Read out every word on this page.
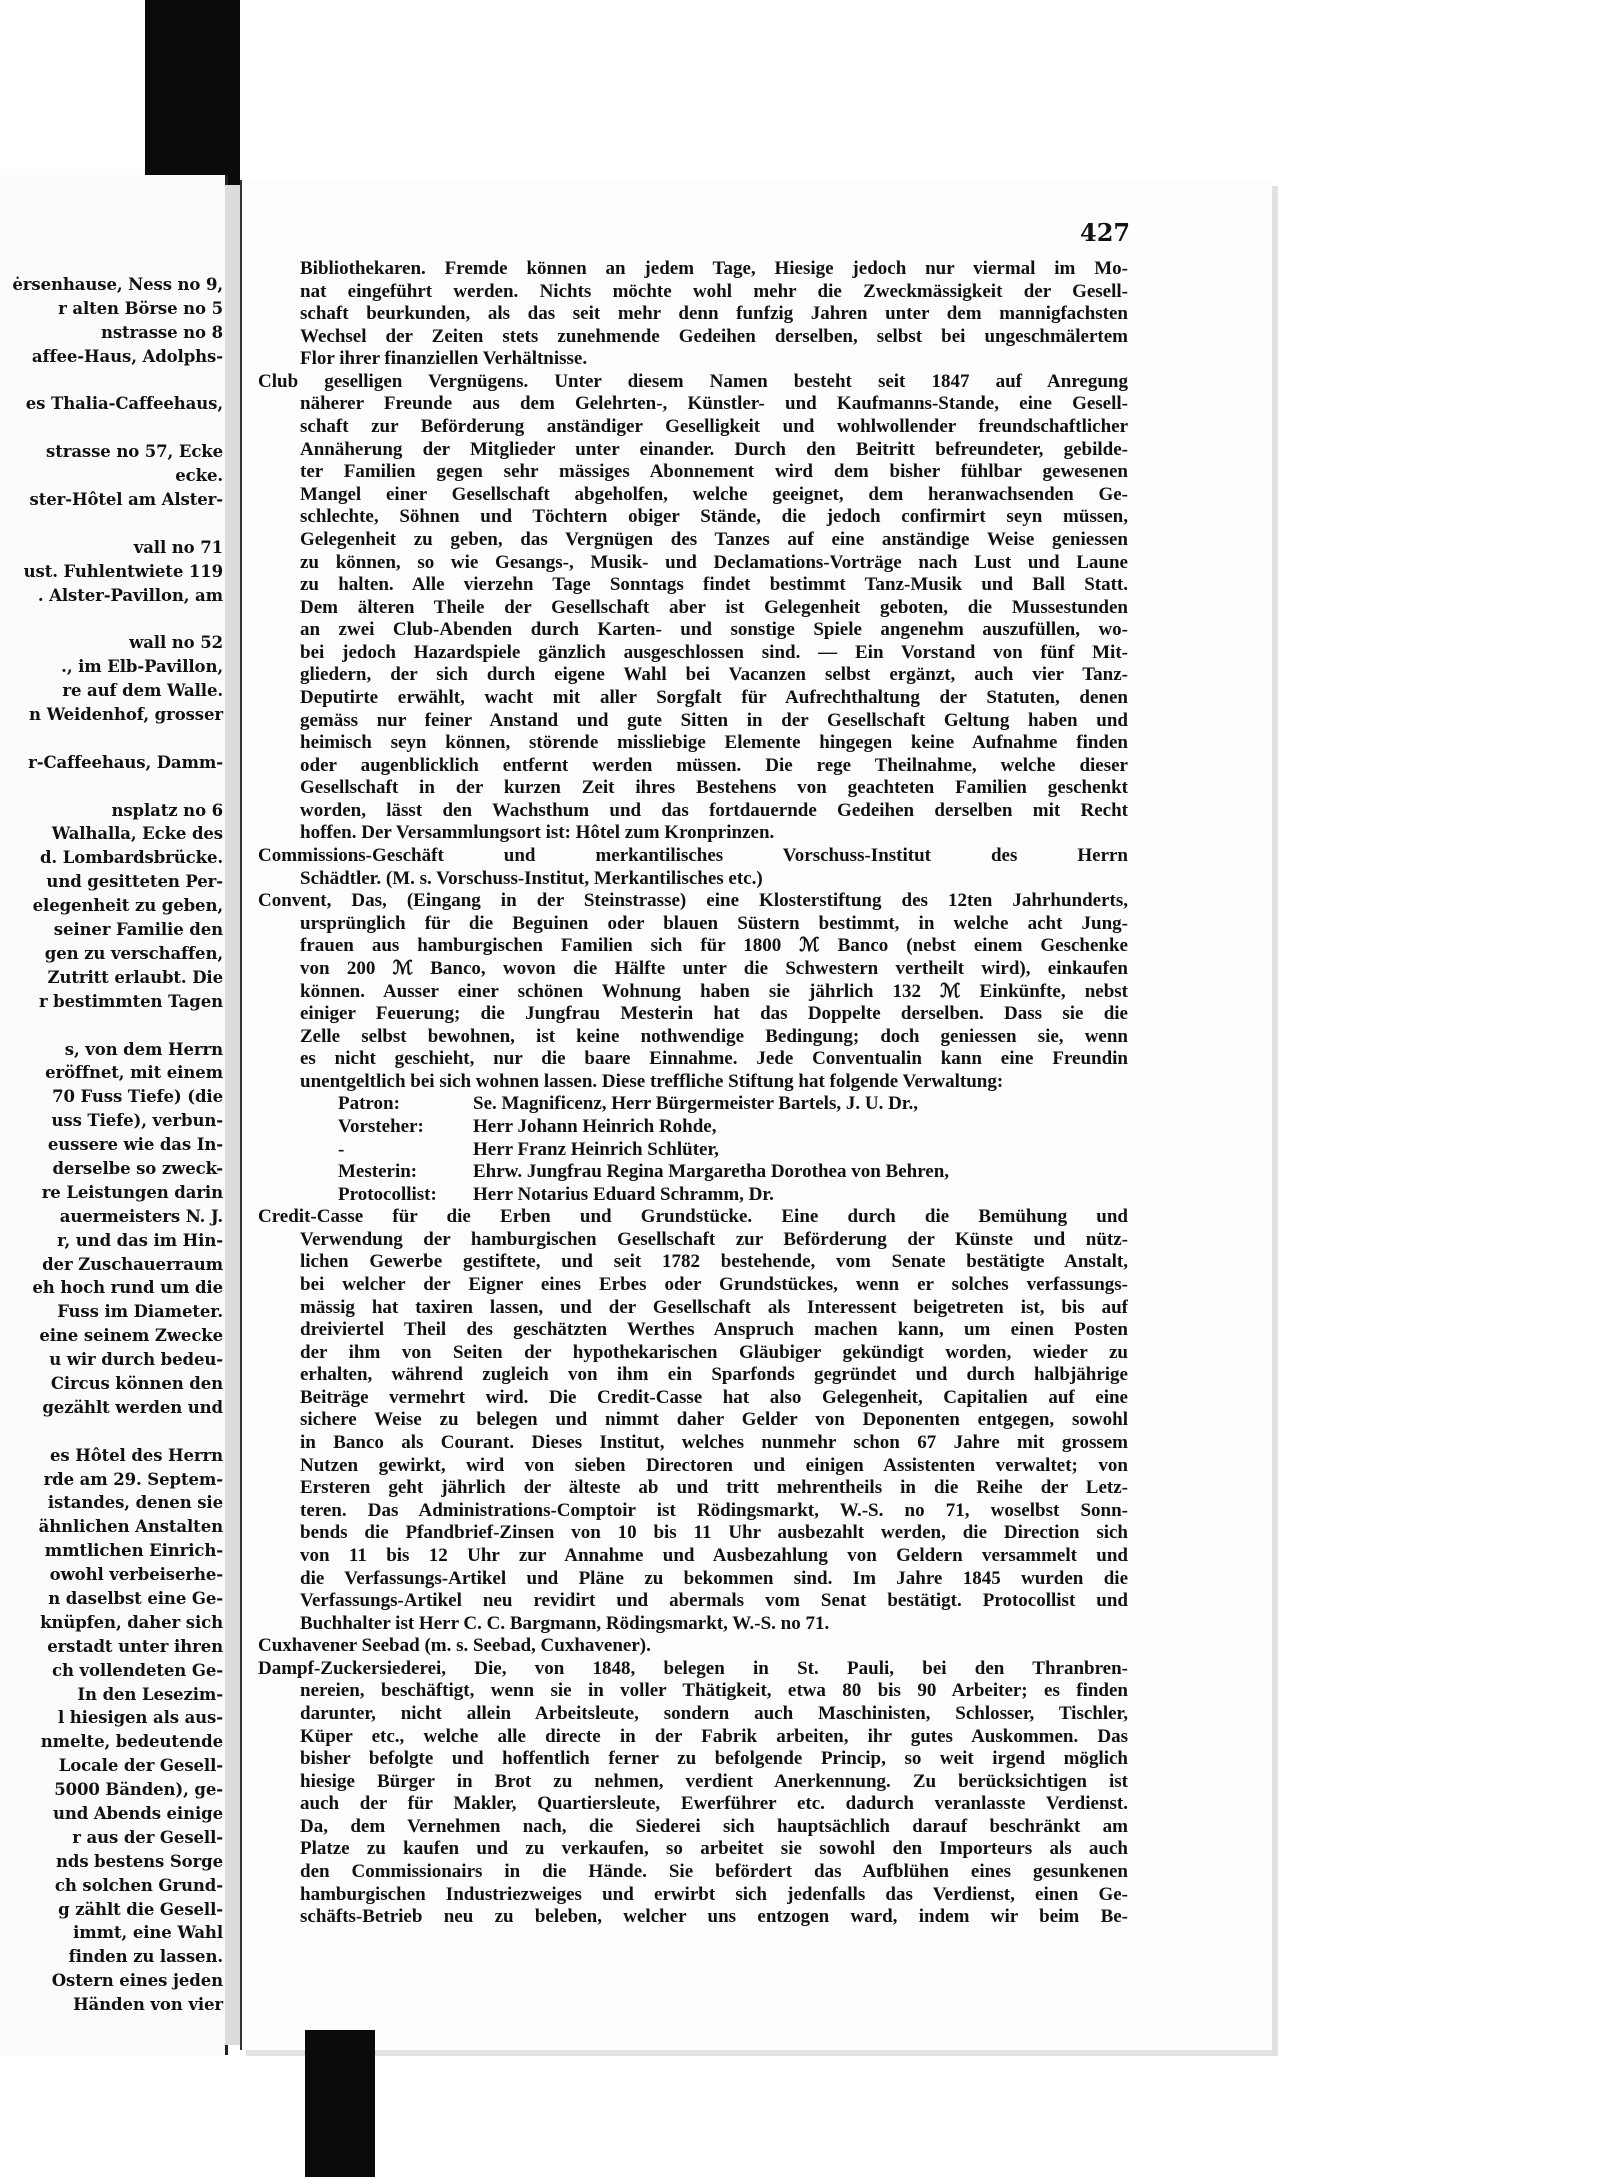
ėrsenhause, Ness no 9,
r alten Börse no 5
nstrasse no 8
affee-Haus, Adolphs-
es Thalia-Caffeehaus,
strasse no 57, Ecke
ecke.
ster-Hôtel am Alster-
vall no 71
ust. Fuhlentwiete 119
. Alster-Pavillon, am
wall no 52
., im Elb-Pavillon,
re auf dem Walle.
n Weidenhof, grosser
r-Caffeehaus, Damm-
nsplatz no 6
Walhalla, Ecke des
d. Lombardsbrücke.
und gesitteten Per-
elegenheit zu geben,
seiner Familie den
gen zu verschaffen,
Zutritt erlaubt. Die
r bestimmten Tagen
s, von dem Herrn
eröffnet, mit einem
70 Fuss Tiefe) (die
uss Tiefe), verbun-
eussere wie das In-
derselbe so zweck-
re Leistungen darin
auermeisters N. J.
r, und das im Hin-
der Zuschauerraum
eh hoch rund um die
Fuss im Diameter.
eine seinem Zwecke
u wir durch bedeu-
Circus können den
gezählt werden und
es Hôtel des Herrn
rde am 29. Septem-
istandes, denen sie
ähnlichen Anstalten
mmtlichen Einrich-
owohl verbeiserhe-
n daselbst eine Ge-
knüpfen, daher sich
erstadt unter ihren
ch vollendeten Ge-
In den Lesezim-
l hiesigen als aus-
nmelte, bedeutende
Locale der Gesell-
5000 Bänden), ge-
und Abends einige
r aus der Gesell-
nds bestens Sorge
ch solchen Grund-
g zählt die Gesell-
immt, eine Wahl
finden zu lassen.
Ostern eines jeden
Händen von vier
427
Bibliothekaren. Fremde können an jedem Tage, Hiesige jedoch nur viermal im Mo-
nat eingeführt werden. Nichts möchte wohl mehr die Zweckmässigkeit der Gesell-
schaft beurkunden, als das seit mehr denn funfzig Jahren unter dem mannigfachsten
Wechsel der Zeiten stets zunehmende Gedeihen derselben, selbst bei ungeschmälertem
Flor ihrer finanziellen Verhältnisse.
Club geselligen Vergnügens. Unter diesem Namen besteht seit 1847 auf Anregung
näherer Freunde aus dem Gelehrten-, Künstler- und Kaufmanns-Stande, eine Gesell-
schaft zur Beförderung anständiger Geselligkeit und wohlwollender freundschaftlicher
Annäherung der Mitglieder unter einander. Durch den Beitritt befreundeter, gebilde-
ter Familien gegen sehr mässiges Abonnement wird dem bisher fühlbar gewesenen
Mangel einer Gesellschaft abgeholfen, welche geeignet, dem heranwachsenden Ge-
schlechte, Söhnen und Töchtern obiger Stände, die jedoch confirmirt seyn müssen,
Gelegenheit zu geben, das Vergnügen des Tanzes auf eine anständige Weise geniessen
zu können, so wie Gesangs-, Musik- und Declamations-Vorträge nach Lust und Laune
zu halten. Alle vierzehn Tage Sonntags findet bestimmt Tanz-Musik und Ball Statt.
Dem älteren Theile der Gesellschaft aber ist Gelegenheit geboten, die Mussestunden
an zwei Club-Abenden durch Karten- und sonstige Spiele angenehm auszufüllen, wo-
bei jedoch Hazardspiele gänzlich ausgeschlossen sind. — Ein Vorstand von fünf Mit-
gliedern, der sich durch eigene Wahl bei Vacanzen selbst ergänzt, auch vier Tanz-
Deputirte erwählt, wacht mit aller Sorgfalt für Aufrechthaltung der Statuten, denen
gemäss nur feiner Anstand und gute Sitten in der Gesellschaft Geltung haben und
heimisch seyn können, störende missliebige Elemente hingegen keine Aufnahme finden
oder augenblicklich entfernt werden müssen. Die rege Theilnahme, welche dieser
Gesellschaft in der kurzen Zeit ihres Bestehens von geachteten Familien geschenkt
worden, lässt den Wachsthum und das fortdauernde Gedeihen derselben mit Recht
hoffen. Der Versammlungsort ist: Hôtel zum Kronprinzen.
Commissions-Geschäft und merkantilisches Vorschuss-Institut des Herrn
Schädtler. (M. s. Vorschuss-Institut, Merkantilisches etc.)
Convent, Das, (Eingang in der Steinstrasse) eine Klosterstiftung des 12ten Jahrhunderts,
ursprünglich für die Beguinen oder blauen Süstern bestimmt, in welche acht Jung-
frauen aus hamburgischen Familien sich für 1800 ℳ Banco (nebst einem Geschenke
von 200 ℳ Banco, wovon die Hälfte unter die Schwestern vertheilt wird), einkaufen
können. Ausser einer schönen Wohnung haben sie jährlich 132 ℳ Einkünfte, nebst
einiger Feuerung; die Jungfrau Mesterin hat das Doppelte derselben. Dass sie die
Zelle selbst bewohnen, ist keine nothwendige Bedingung; doch geniessen sie, wenn
es nicht geschieht, nur die baare Einnahme. Jede Conventualin kann eine Freundin
unentgeltlich bei sich wohnen lassen. Diese treffliche Stiftung hat folgende Verwaltung:
Patron:	Se. Magnificenz, Herr Bürgermeister Bartels, J. U. Dr.,
Vorsteher:	Herr Johann Heinrich Rohde,
-	Herr Franz Heinrich Schlüter,
Mesterin:	Ehrw. Jungfrau Regina Margaretha Dorothea von Behren,
Protocollist: Herr Notarius Eduard Schramm, Dr.
Credit-Casse für die Erben und Grundstücke. Eine durch die Bemühung und
Verwendung der hamburgischen Gesellschaft zur Beförderung der Künste und nütz-
lichen Gewerbe gestiftete, und seit 1782 bestehende, vom Senate bestätigte Anstalt,
bei welcher der Eigner eines Erbes oder Grundstückes, wenn er solches verfassungs-
mässig hat taxiren lassen, und der Gesellschaft als Interessent beigetreten ist, bis auf
dreiviertel Theil des geschätzten Werthes Anspruch machen kann, um einen Posten
der ihm von Seiten der hypothekarischen Gläubiger gekündigt worden, wieder zu
erhalten, während zugleich von ihm ein Sparfonds gegründet und durch halbjährige
Beiträge vermehrt wird. Die Credit-Casse hat also Gelegenheit, Capitalien auf eine
sichere Weise zu belegen und nimmt daher Gelder von Deponenten entgegen, sowohl
in Banco als Courant. Dieses Institut, welches nunmehr schon 67 Jahre mit grossem
Nutzen gewirkt, wird von sieben Directoren und einigen Assistenten verwaltet; von
Ersteren geht jährlich der älteste ab und tritt mehrentheils in die Reihe der Letz-
teren. Das Administrations-Comptoir ist Rödingsmarkt, W.-S. no 71, woselbst Sonn-
bends die Pfandbrief-Zinsen von 10 bis 11 Uhr ausbezahlt werden, die Direction sich
von 11 bis 12 Uhr zur Annahme und Ausbezahlung von Geldern versammelt und
die Verfassungs-Artikel und Pläne zu bekommen sind. Im Jahre 1845 wurden die
Verfassungs-Artikel neu revidirt und abermals vom Senat bestätigt. Protocollist und
Buchhalter ist Herr C. C. Bargmann, Rödingsmarkt, W.-S. no 71.
Cuxhavener Seebad (m. s. Seebad, Cuxhavener).
Dampf-Zuckersiederei, Die, von 1848, belegen in St. Pauli, bei den Thranbren-
nereien, beschäftigt, wenn sie in voller Thätigkeit, etwa 80 bis 90 Arbeiter; es finden
darunter, nicht allein Arbeitsleute, sondern auch Maschinisten, Schlosser, Tischler,
Küper etc., welche alle directe in der Fabrik arbeiten, ihr gutes Auskommen. Das
bisher befolgte und hoffentlich ferner zu befolgende Princip, so weit irgend möglich
hiesige Bürger in Brot zu nehmen, verdient Anerkennung. Zu berücksichtigen ist
auch der für Makler, Quartiersleute, Ewerführer etc. dadurch veranlasste Verdienst.
Da, dem Vernehmen nach, die Siederei sich hauptsächlich darauf beschränkt am
Platze zu kaufen und zu verkaufen, so arbeitet sie sowohl den Importeurs als auch
den Commissionairs in die Hände. Sie befördert das Aufblühen eines gesunkenen
hamburgischen Industriezweiges und erwirbt sich jedenfalls das Verdienst, einen Ge-
schäfts-Betrieb neu zu beleben, welcher uns entzogen ward, indem wir beim Be-
